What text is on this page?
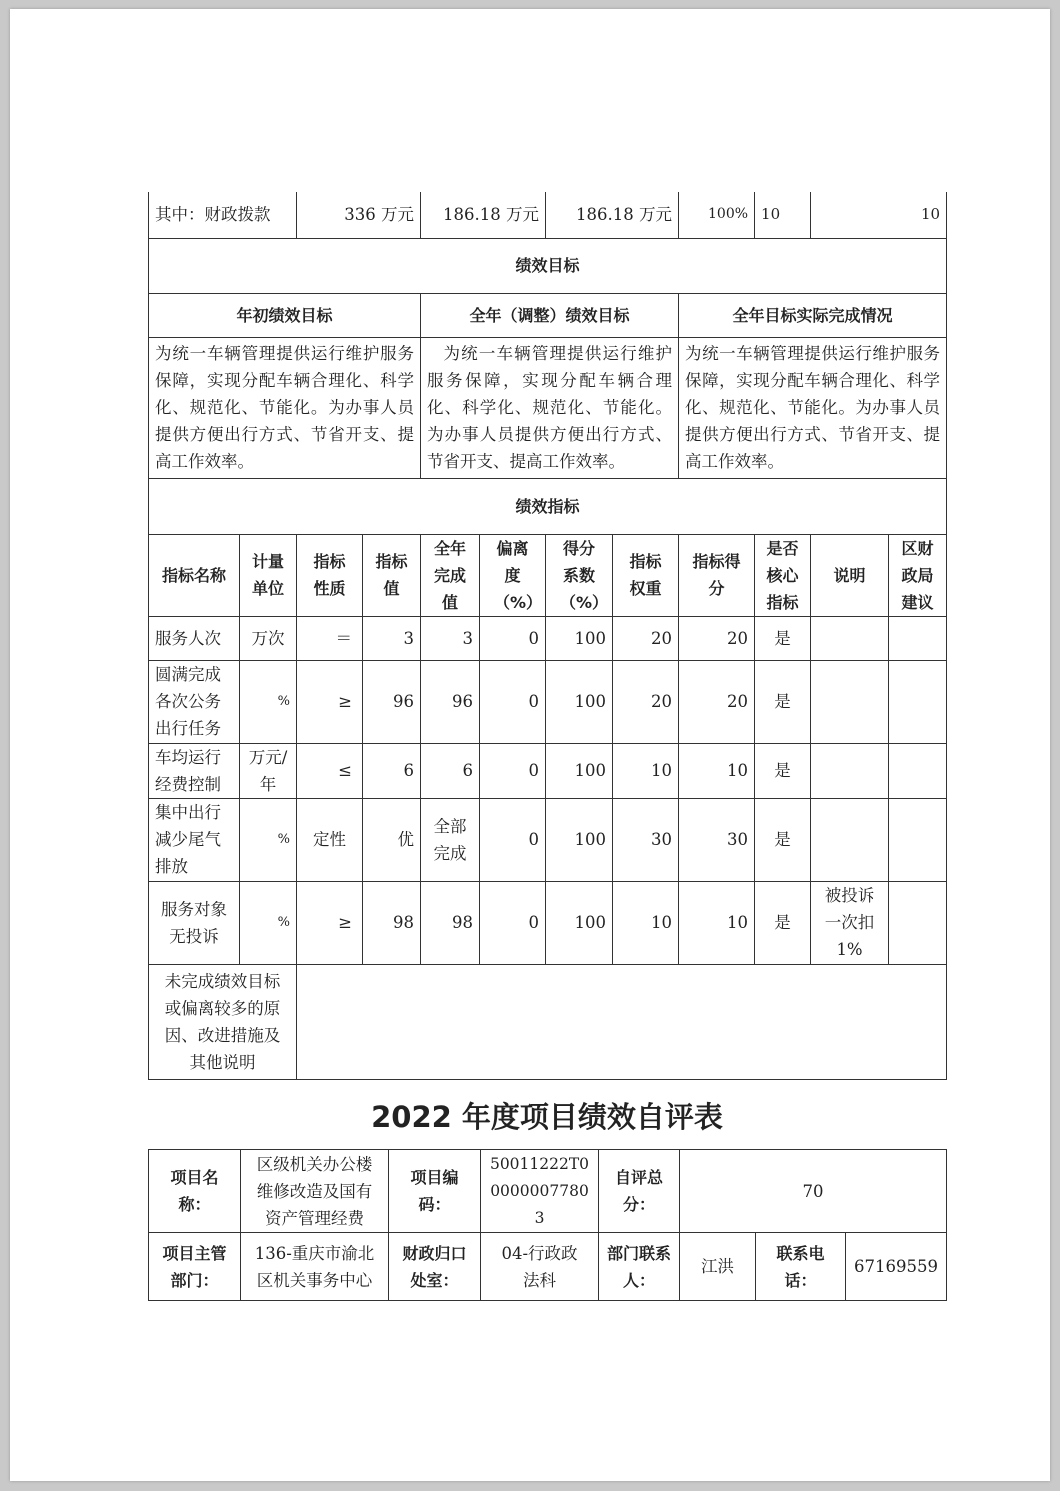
其中：财政拨款		336 万元		186.18 万元		186.18 万元		100%	10	10	
绩效目标											
年初绩效目标				全年（调整）绩效目标				全年目标实际完成情况			
为统一车辆管理提供运行维护服务保障，实现分配车辆合理化、科学化、规范化、节能化。为办事人员提供方便出行方式、节省开支、提高工作效率。				为统一车辆管理提供运行维护服务保障，实现分配车辆合理化、科学化、规范化、节能化。为办事人员提供方便出行方式、节省开支、提高工作效率。				为统一车辆管理提供运行维护服务保障，实现分配车辆合理化、科学化、规范化、节能化。为办事人员提供方便出行方式、节省开支、提高工作效率。			
绩效指标											
指标名称	计量单位	指标性质	指标值	全年完成值	偏离度（%）	得分系数（%）	指标权重	指标得分	是否核心指标	说明	区财政局建议
服务人次	万次	＝	3	3	0	100	20	20	是		
圆满完成各次公务出行任务	%	≥	96	96	0	100	20	20	是		
车均运行经费控制	万元/年	≤	6	6	0	100	10	10	是		
集中出行减少尾气排放	%	定性	优	全部完成	0	100	30	30	是		
服务对象无投诉	%	≥	98	98	0	100	10	10	是	被投诉一次扣1%	
未完成绩效目标或偏离较多的原因、改进措施及其他说明											
2022 年度项目绩效自评表
项目名称：	区级机关办公楼维修改造及国有资产管理经费	项目编码：	50011222T000000077803	自评总分：	70		
项目主管部门：	136-重庆市渝北区机关事务中心	财政归口处室：	04-行政政法科	部门联系人：	江洪	联系电话：	67169559
